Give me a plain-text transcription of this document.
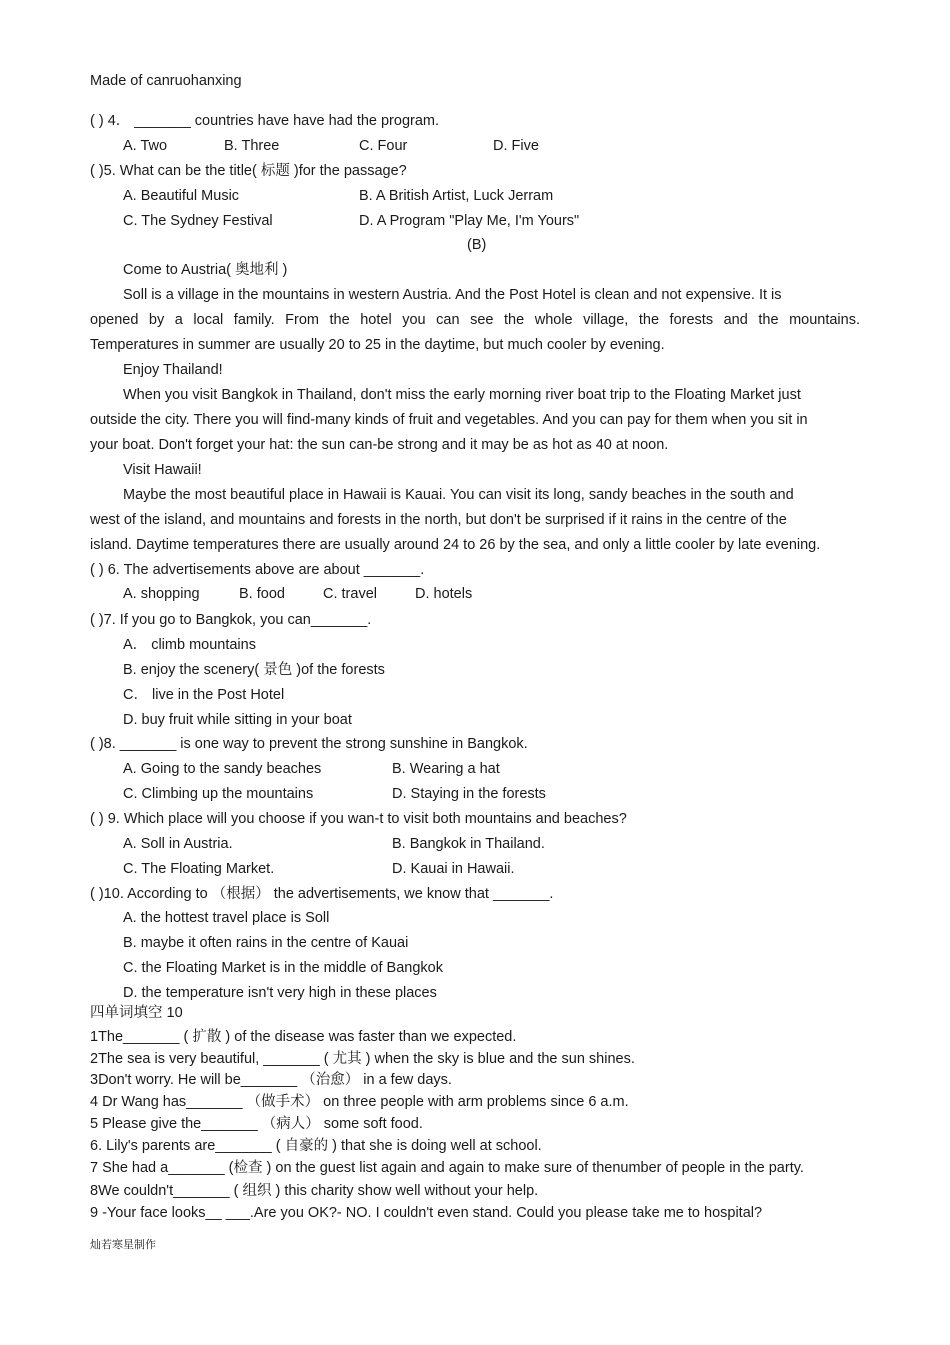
Made of canruohanxing
( ) 4． _______ countries have have had the program.
A. Two	B. Three	C. Four	D. Five
( )5. What can be the title( 标题 )for the passage?
A. Beautiful Music	B. A British Artist, Luck Jerram
C. The Sydney Festival	D. A Program "Play Me, I'm Yours"
(B)
Come to Austria( 奥地利 )
Soll is a village in the mountains in western Austria. And the Post Hotel is clean and not expensive. It is
opened by a local family. From the hotel you can see the whole village, the forests and the mountains.
Temperatures in summer are usually 20 to 25 in the daytime, but much cooler by evening.
Enjoy Thailand!
When you visit Bangkok in Thailand, don't miss the early morning river boat trip to the Floating Market just
outside the city. There you will find-many kinds of fruit and vegetables. And you can pay for them when you sit in
your boat. Don't forget your hat: the sun can-be strong and it may be as hot as 40 at noon.
Visit Hawaii!
Maybe the most beautiful place in Hawaii is Kauai. You can visit its long, sandy beaches in the south and
west of the island, and mountains and forests in the north, but don't be surprised if it rains in the centre of the
island. Daytime temperatures there are usually around 24 to 26 by the sea, and only a little cooler by late evening.
( ) 6. The advertisements above are about _______.
A. shopping	B. food	C. travel	D. hotels
( )7. If you go to Bangkok, you can_______.
A． climb mountains
B. enjoy the scenery( 景色 )of the forests
C． live in the Post Hotel
D. buy fruit while sitting in your boat
( )8. _______ is one way to prevent the strong sunshine in Bangkok.
A. Going to the sandy beaches	B. Wearing a hat
C. Climbing up the mountains	D. Staying in the forests
( ) 9. Which place will you choose if you wan-t to visit both mountains and beaches?
A. Soll in Austria.	B. Bangkok in Thailand.
C. The Floating Market.	D. Kauai in Hawaii.
( )10. According to （根据） the advertisements, we know that _______.
A. the hottest travel place is Soll
B. maybe it often rains in the centre of Kauai
C. the Floating Market is in the middle of Bangkok
D. the temperature isn't very high in these places
四单词填空 10
1The_______ ( 扩散 ) of the disease was faster than we expected.
2The sea is very beautiful, _______ ( 尤其 ) when the sky is blue and the sun shines.
3Don't worry. He will be_______ （治愈） in a few days.
4 Dr Wang has_______ （做手术） on three people with arm problems since 6 a.m.
5 Please give the_______ （病人） some soft food.
6. Lily's parents are_______ ( 自豪的 ) that she is doing well at school.
7 She had a_______ (检查 ) on the guest list again and again to make sure of thenumber of people in the party.
8We couldn't_______ ( 组织 ) this charity show well without your help.
9 -Your face looks__ ___.Are you OK?- NO. I couldn't even stand. Could you please take me to hospital?
灿若寒星制作
